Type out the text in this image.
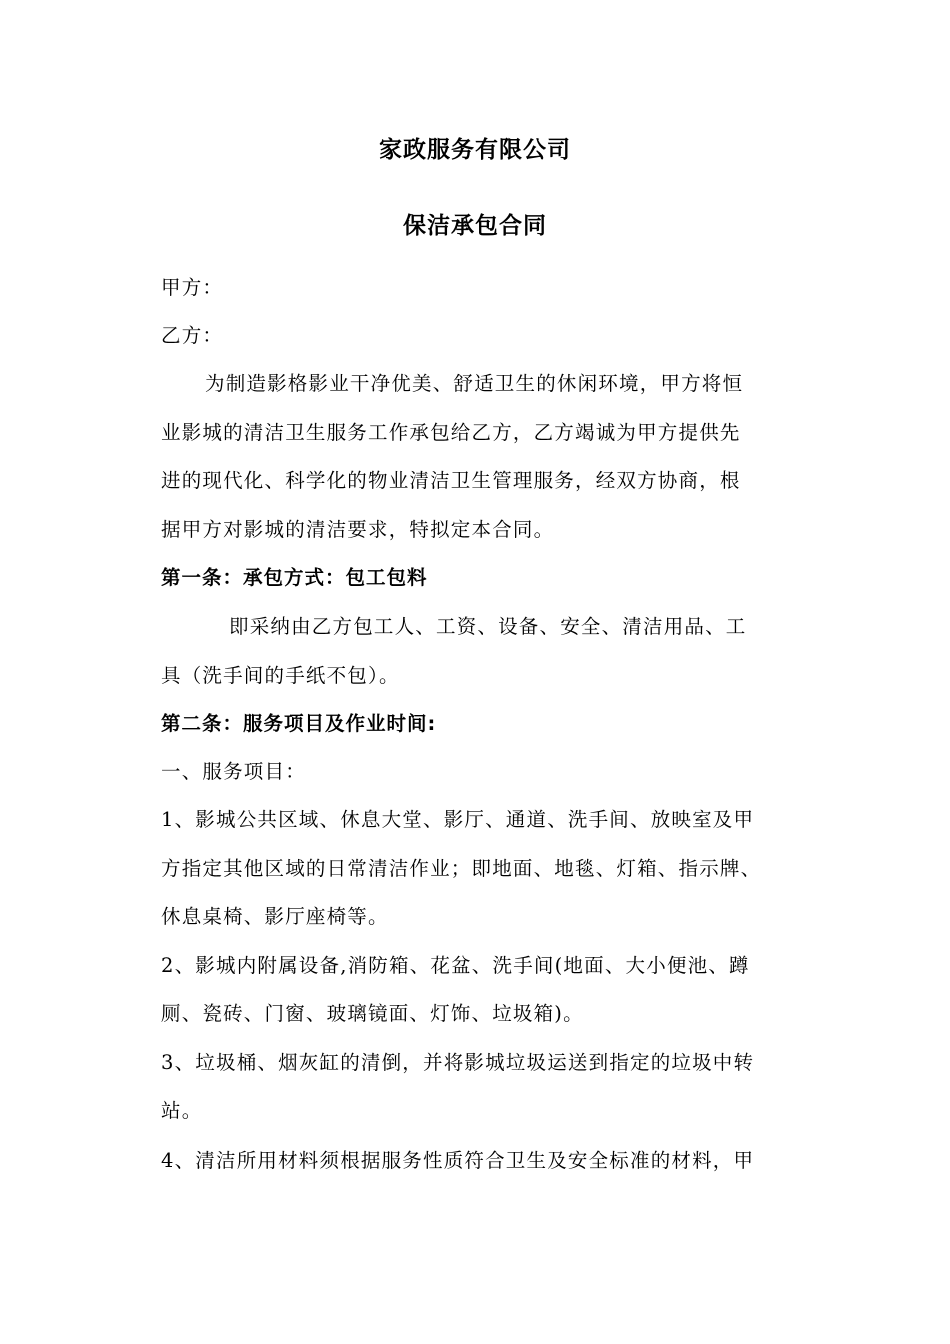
家政服务有限公司
保洁承包合同
甲方：
乙方：
为制造影格影业干净优美、舒适卫生的休闲环境，甲方将恒
业影城的清洁卫生服务工作承包给乙方，乙方竭诚为甲方提供先
进的现代化、科学化的物业清洁卫生管理服务，经双方协商，根
据甲方对影城的清洁要求，特拟定本合同。
第一条：承包方式：包工包料
即采纳由乙方包工人、工资、设备、安全、清洁用品、工
具（洗手间的手纸不包）。
第二条：服务项目及作业时间:
一、服务项目：
1、影城公共区域、休息大堂、影厅、通道、洗手间、放映室及甲
方指定其他区域的日常清洁作业；即地面、地毯、灯箱、指示牌、
休息桌椅、影厅座椅等。
2、影城内附属设备,消防箱、花盆、洗手间(地面、大小便池、蹲
厕、瓷砖、门窗、玻璃镜面、灯饰、垃圾箱)。
3、垃圾桶、烟灰缸的清倒，并将影城垃圾运送到指定的垃圾中转
站。
4、清洁所用材料须根据服务性质符合卫生及安全标准的材料，甲
